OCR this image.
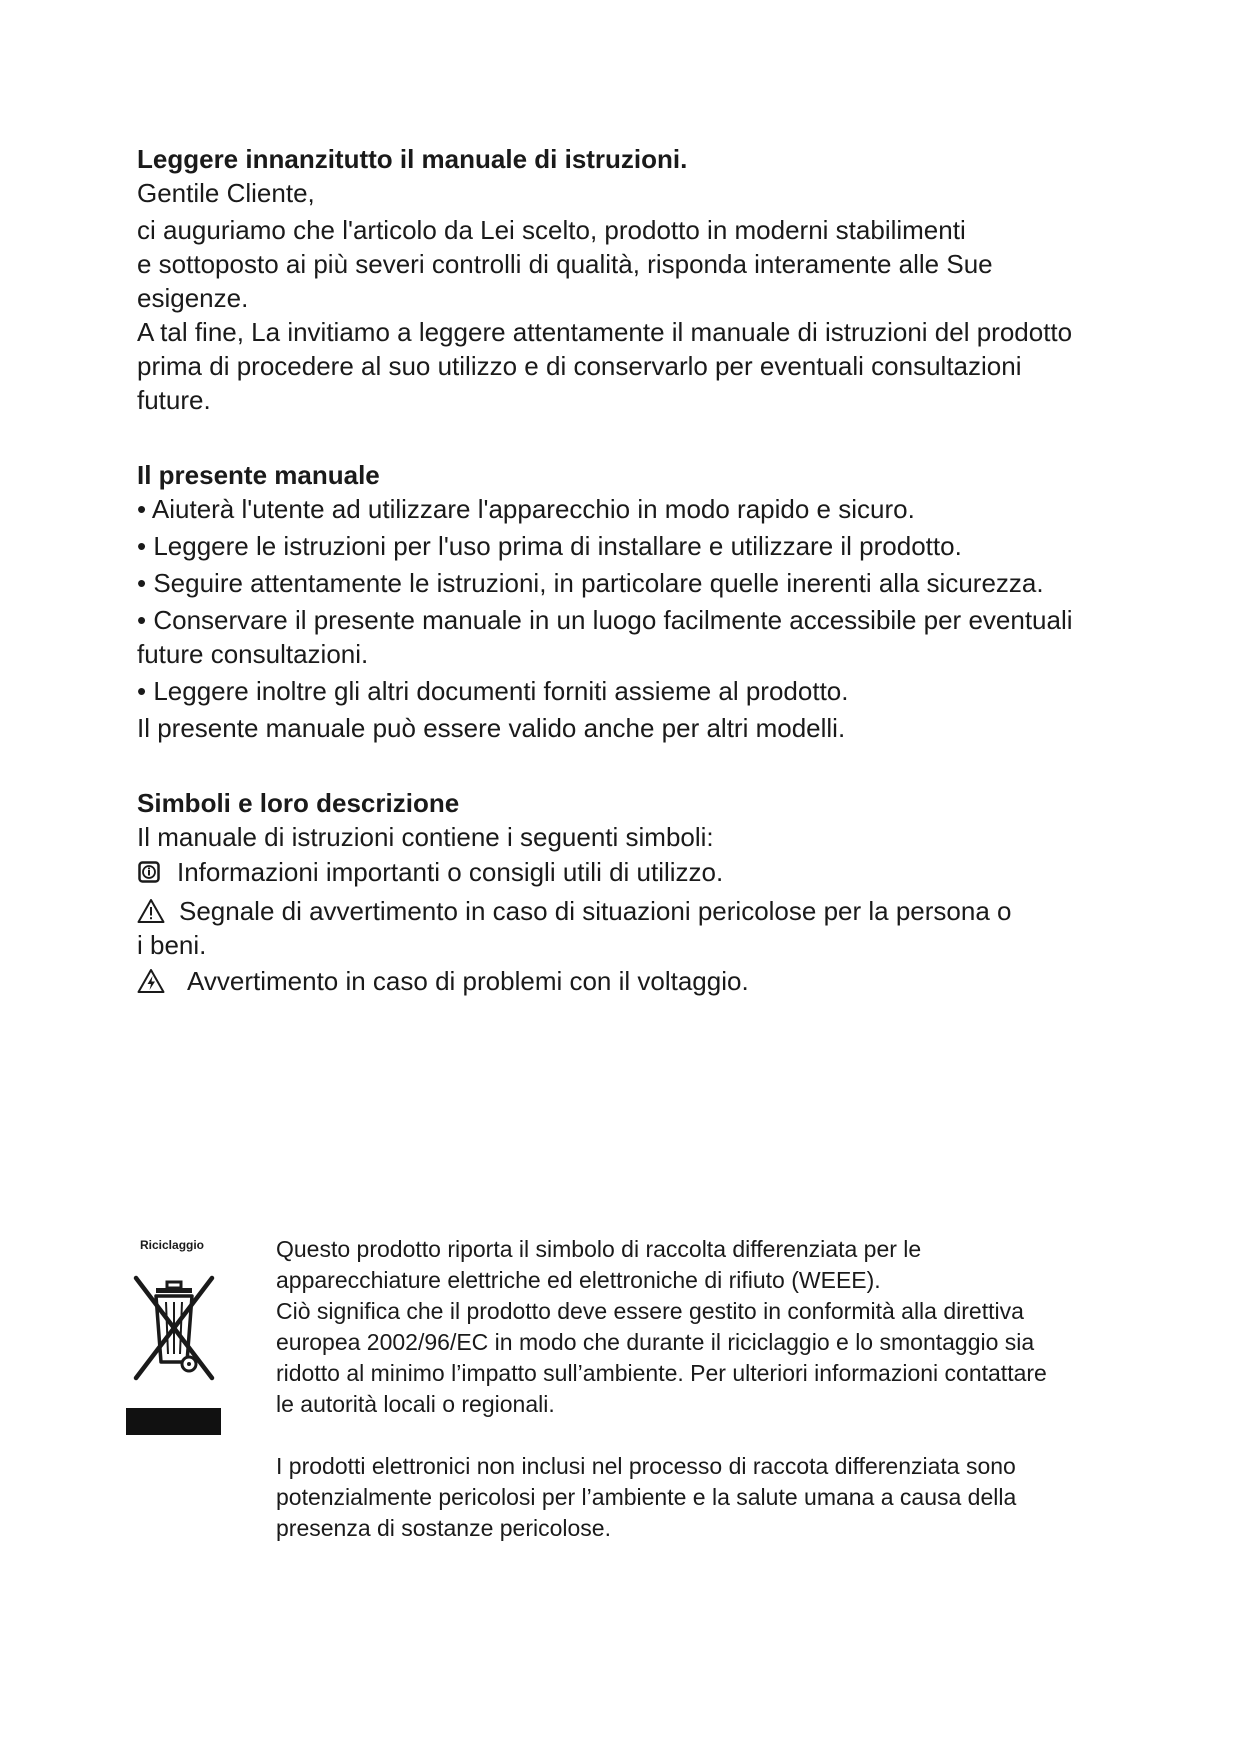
Leggere innanzitutto il manuale di istruzioni.
Gentile Cliente,
ci auguriamo che l'articolo da Lei scelto, prodotto in moderni stabilimenti
e sottoposto ai più severi controlli di qualità, risponda interamente alle Sue
esigenze.
A tal fine, La invitiamo a leggere attentamente il manuale di istruzioni del prodotto
prima di procedere al suo utilizzo e di conservarlo per eventuali consultazioni
future.
Il presente manuale
• Aiuterà l'utente ad utilizzare l'apparecchio in modo rapido e sicuro.
• Leggere le istruzioni per l'uso prima di installare e utilizzare il prodotto.
• Seguire attentamente le istruzioni, in particolare quelle inerenti alla sicurezza.
• Conservare il presente manuale in un luogo facilmente accessibile per eventuali
future consultazioni.
• Leggere inoltre gli altri documenti forniti assieme al prodotto.
Il presente manuale può essere valido anche per altri modelli.
Simboli e loro descrizione
Il manuale di istruzioni contiene i seguenti simboli:
Informazioni importanti o consigli utili di utilizzo.
Segnale di avvertimento in caso di situazioni pericolose per la persona o
i beni.
Avvertimento in caso di problemi con il voltaggio.
Riciclaggio	Questo prodotto riporta il simbolo di raccolta differenziata per le
apparecchiature elettriche ed elettroniche di rifiuto (WEEE).
Ciò significa che il prodotto deve essere gestito in conformità alla direttiva
europea 2002/96/EC in modo che durante il riciclaggio e lo smontaggio sia
ridotto al minimo l’impatto sull’ambiente. Per ulteriori informazioni contattare
le autorità locali o regionali.
I prodotti elettronici non inclusi nel processo di raccota differenziata sono
potenzialmente pericolosi per l’ambiente e la salute umana a causa della
presenza di sostanze pericolose.
